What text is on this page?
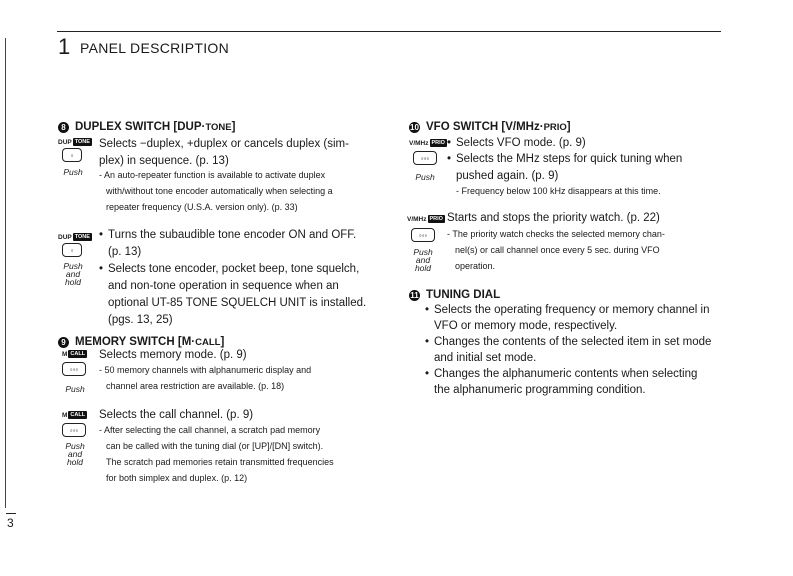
1 PANEL DESCRIPTION
3
8 DUPLEX SWITCH [DUP · TONE ]
DUP TONE
◦
Push
Selects −duplex, +duplex or cancels duplex (sim-
plex) in sequence. (p. 13)
- An auto-repeater function is available to activate duplex
with/without tone encoder automatically when selecting a
repeater frequency (U.S.A. version only). (p. 33)
DUP TONE
◦
Push
and
hold
• Turns the subaudible tone encoder ON and OFF.
(p. 13)
• Selects tone encoder, pocket beep, tone squelch,
and non-tone operation in sequence when an
optional UT-85 TONE SQUELCH UNIT is installed.
(pgs. 13, 25)
9 MEMORY SWITCH [M · CALL ]
M CALL
◦◦◦
Push
Selects memory mode. (p. 9)
- 50 memory channels with alphanumeric display and
channel area restriction are available. (p. 18)
M CALL
◦◦◦
Push
and
hold
Selects the call channel. (p. 9)
- After selecting the call channel, a scratch pad memory
can be called with the tuning dial (or [UP]/[DN] switch).
The scratch pad memories retain transmitted frequencies
for both simplex and duplex. (p. 12)
10 VFO SWITCH [V/MHz · PRIO ]
V/MHz PRIO
◦◦◦
Push
• Selects VFO mode. (p. 9)
• Selects the MHz steps for quick tuning when
pushed again. (p. 9)
- Frequency below 100 kHz disappears at this time.
V/MHz PRIO
◦◦◦
Push
and
hold
Starts and stops the priority watch. (p. 22)
- The priority watch checks the selected memory chan-
nel(s) or call channel once every 5 sec. during VFO
operation.
11 TUNING DIAL
• Selects the operating frequency or memory channel in
VFO or memory mode, respectively.
• Changes the contents of the selected item in set mode
and initial set mode.
• Changes the alphanumeric contents when selecting
the alphanumeric programming condition.
